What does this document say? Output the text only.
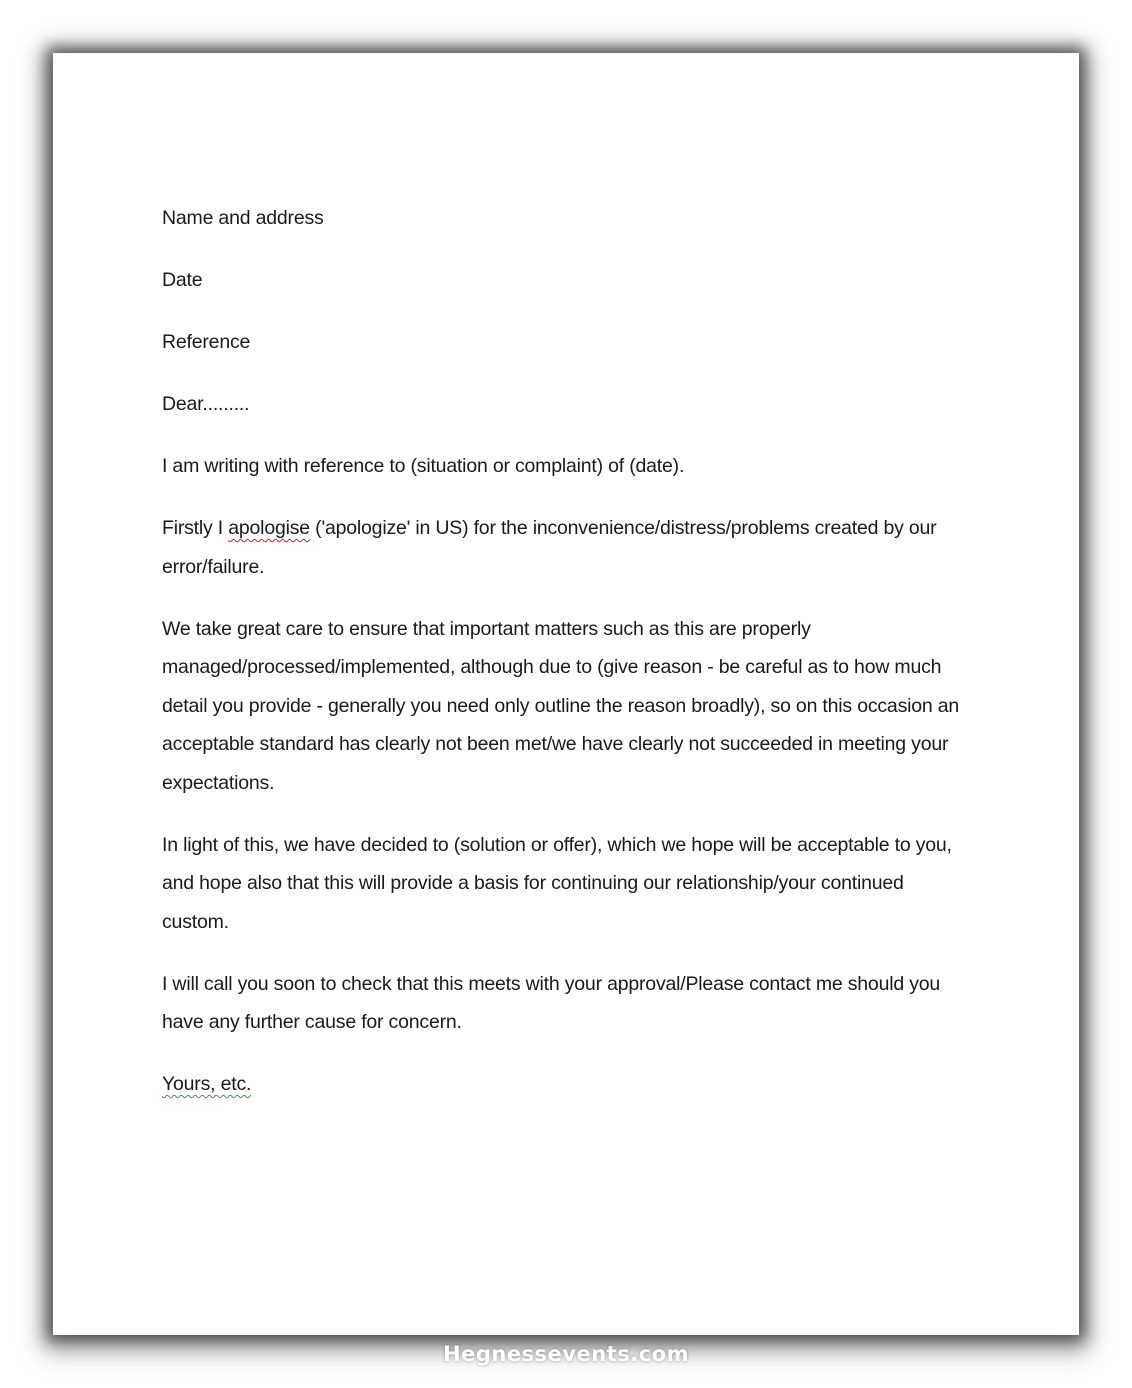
Name and address

Date

Reference

Dear.........

I am writing with reference to (situation or complaint) of (date).

Firstly I apologise ('apologize' in US) for the inconvenience/distress/problems created by our error/failure.

We take great care to ensure that important matters such as this are properly managed/processed/implemented, although due to (give reason - be careful as to how much detail you provide - generally you need only outline the reason broadly), so on this occasion an acceptable standard has clearly not been met/we have clearly not succeeded in meeting your expectations.

In light of this, we have decided to (solution or offer), which we hope will be acceptable to you, and hope also that this will provide a basis for continuing our relationship/your continued custom.

I will call you soon to check that this meets with your approval/Please contact me should you have any further cause for concern.

Yours, etc.

Hegnessevents.com
